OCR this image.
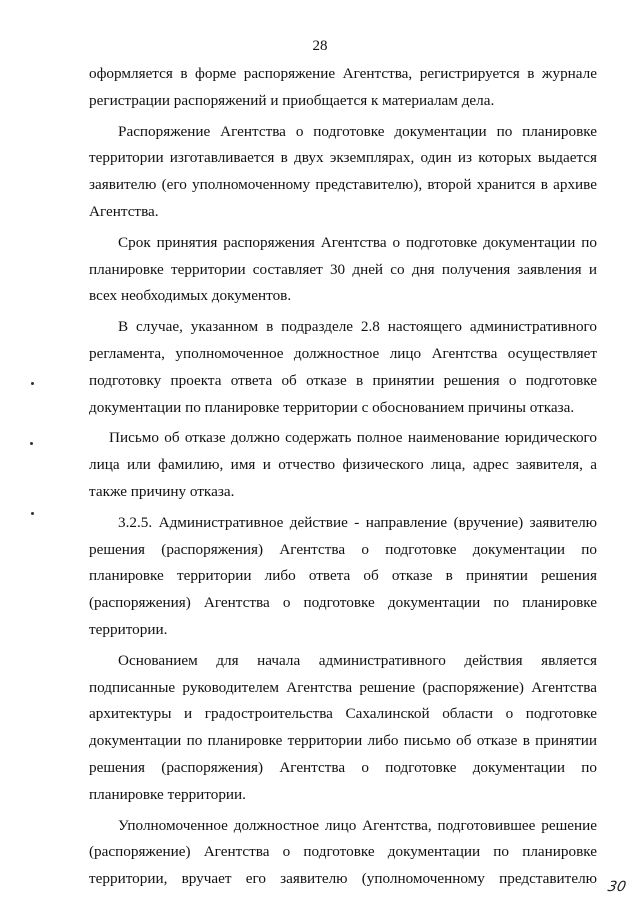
28
оформляется в форме распоряжение Агентства, регистрируется в журнале
регистрации распоряжений и приобщается к материалам дела.
Распоряжение Агентства о подготовке документации по планировке
территории изготавливается в двух экземплярах, один из которых выдается
заявителю (его уполномоченному представителю), второй хранится в архиве
Агентства.
Срок принятия распоряжения Агентства о подготовке документации по
планировке территории составляет 30 дней со дня получения заявления и
всех необходимых документов.
В случае, указанном в подразделе 2.8 настоящего административного
регламента, уполномоченное должностное лицо Агентства осуществляет
подготовку проекта ответа об отказе в принятии решения о подготовке
документации по планировке территории с обоснованием причины отказа.
Письмо об отказе должно содержать полное наименование юридического
лица или фамилию, имя и отчество физического лица, адрес заявителя, а
также причину отказа.
3.2.5. Административное действие - направление (вручение) заявителю
решения (распоряжения) Агентства о подготовке документации по
планировке территории либо ответа об отказе в принятии решения
(распоряжения) Агентства о подготовке документации по планировке
территории.
Основанием для начала административного действия является
подписанные руководителем Агентства решение (распоряжение) Агентства
архитектуры и градостроительства Сахалинской области о подготовке
документации по планировке территории либо письмо об отказе в принятии
решения (распоряжения) Агентства о подготовке документации по
планировке территории.
Уполномоченное должностное лицо Агентства, подготовившее решение
(распоряжение) Агентства о подготовке документации по планировке
территории, вручает его заявителю (уполномоченному представителю 30
